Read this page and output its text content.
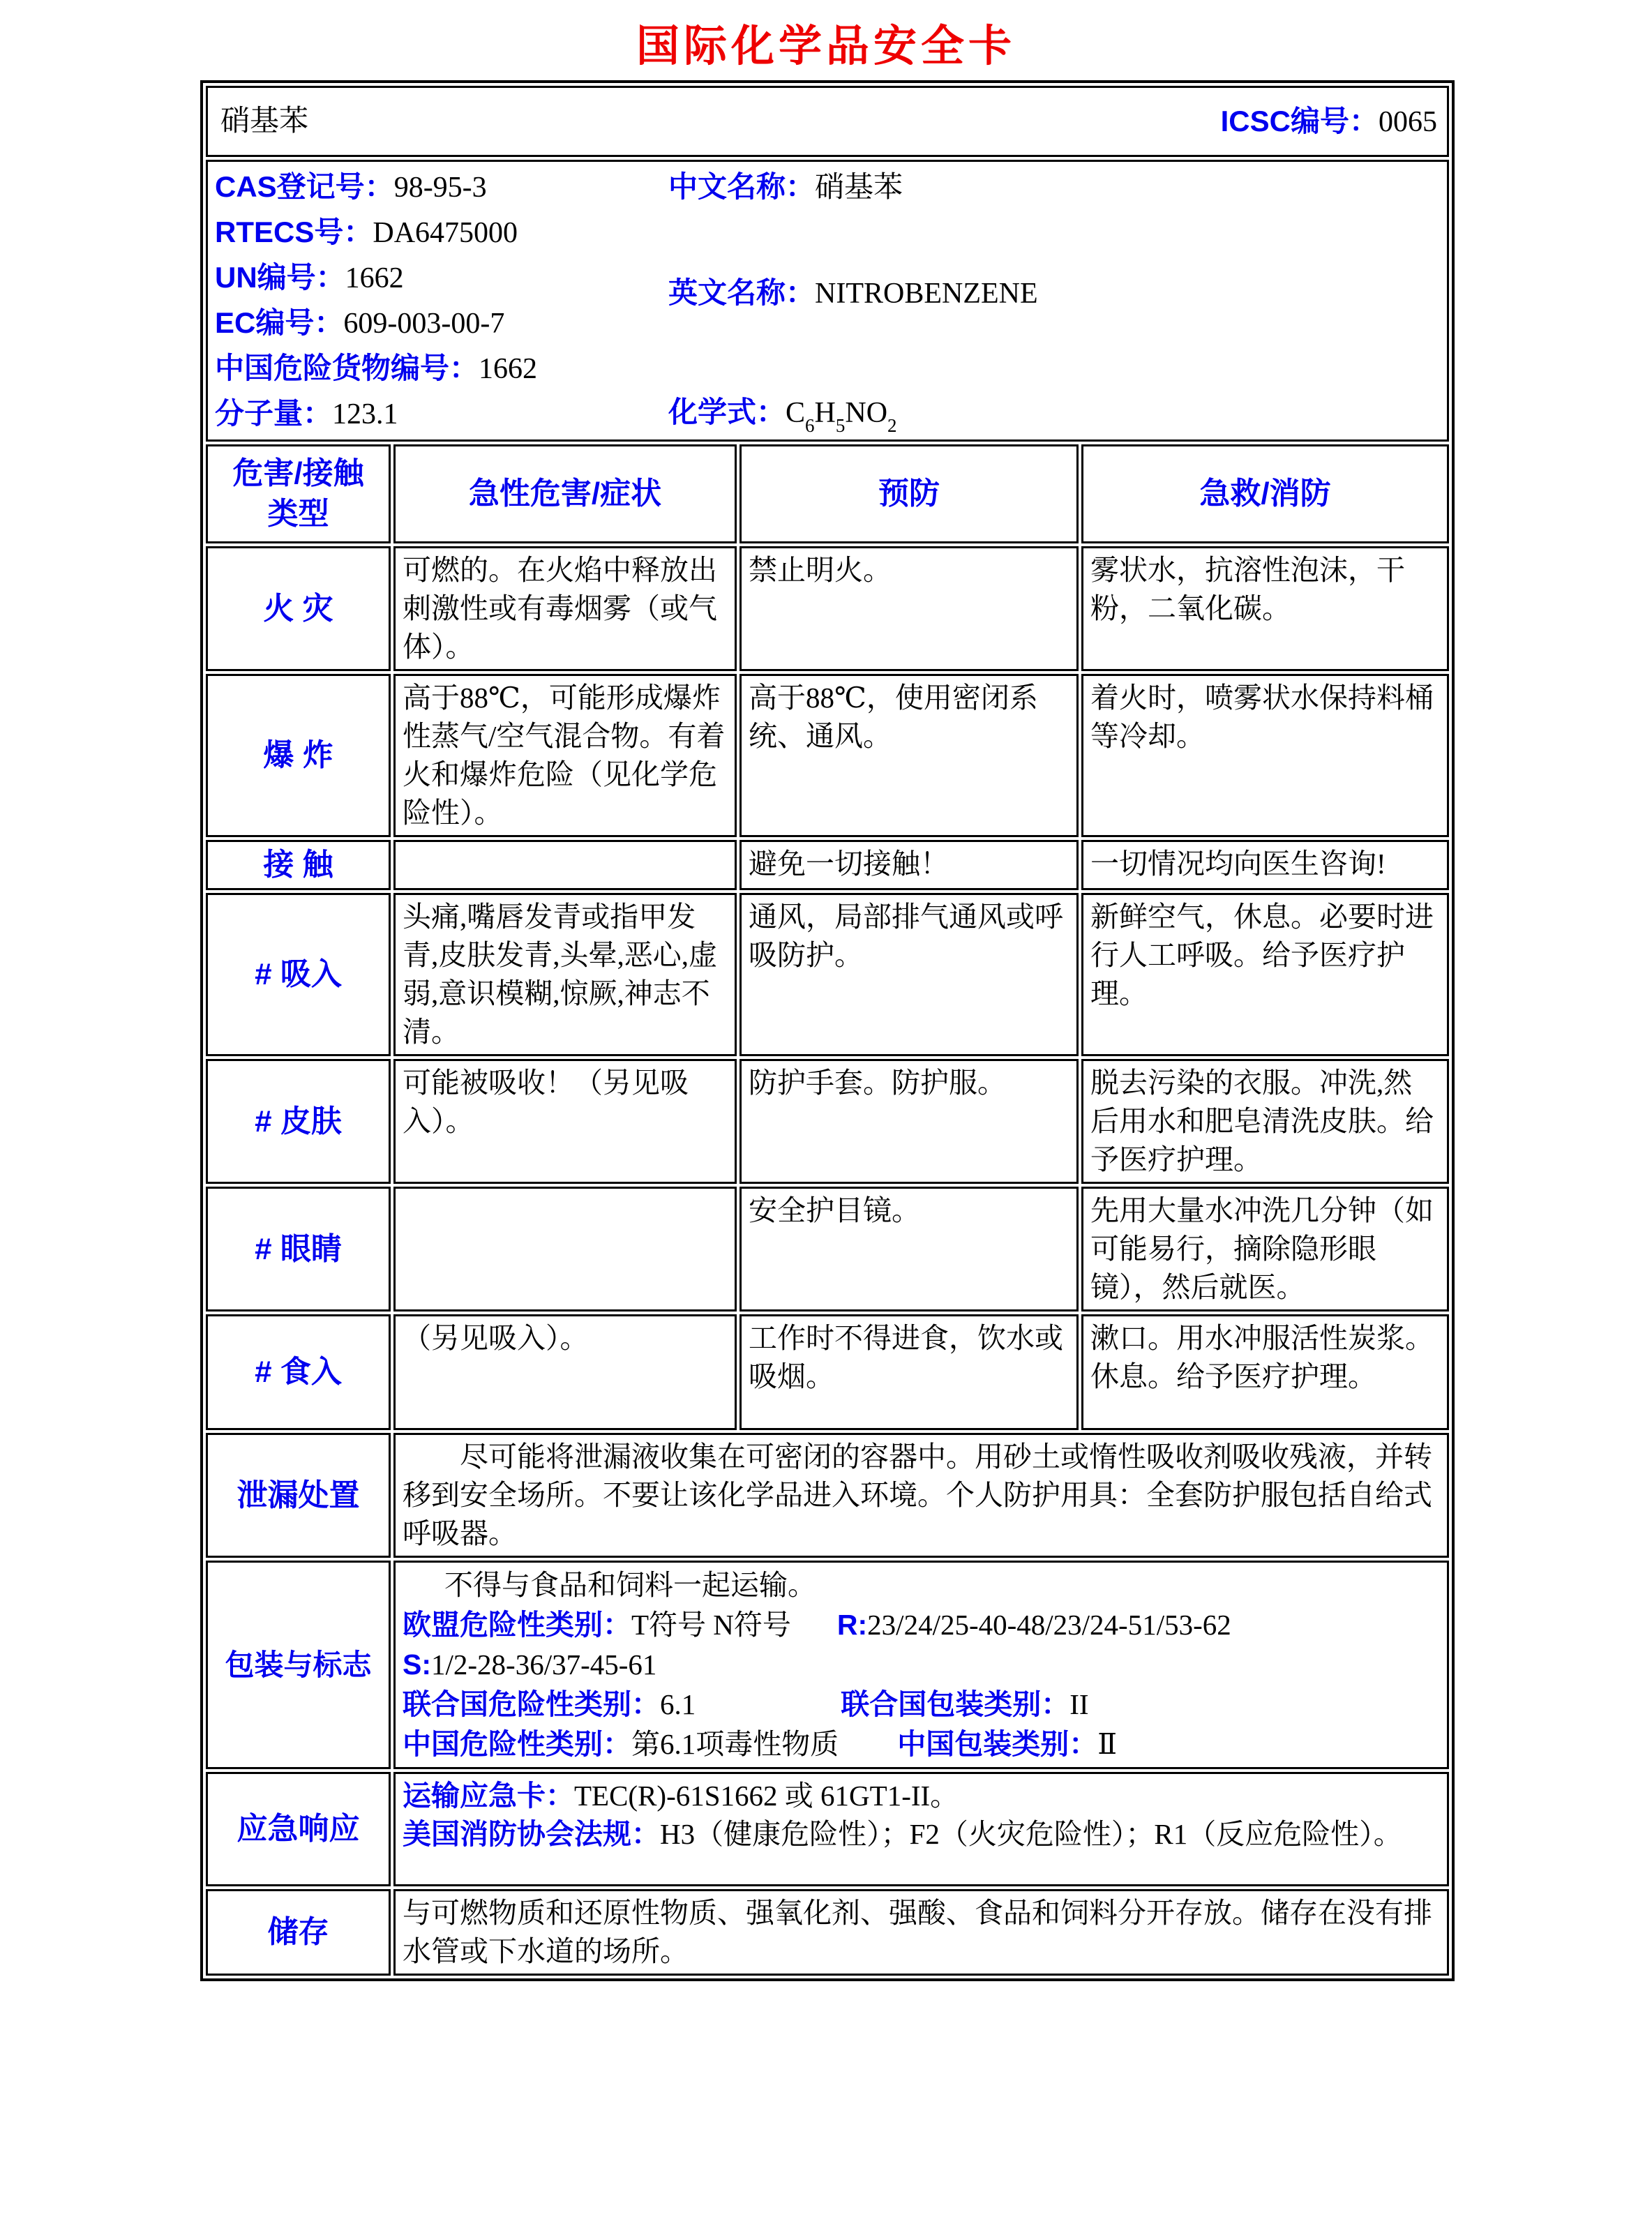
国际化学品安全卡
硝基苯 ICSC编号：0065			

CAS登记号：98-95-3
RTECS号：DA6475000
UN编号：1662
EC编号：609-003-00-7
中国危险货物编号：1662
分子量：123.1
中文名称：硝基苯
英文名称：NITROBENZENE
化学式：$C_6H_5NO_2$

危害/接触
类型	急性危害/症状	预防	急救/消防
火 灾	可燃的。在火焰中释放出刺激性或有毒烟雾（或气体）。	禁止明火。	雾状水，抗溶性泡沫，干粉，二氧化碳。
爆 炸	高于88℃，可能形成爆炸性蒸气/空气混合物。有着火和爆炸危险（见化学危险性）。	高于88℃，使用密闭系统、通风。	着火时，喷雾状水保持料桶等冷却。
接 触		避免一切接触！	一切情况均向医生咨询!
# 吸入	头痛,嘴唇发青或指甲发青,皮肤发青,头晕,恶心,虚弱,意识模糊,惊厥,神志不清。	通风，局部排气通风或呼吸防护。	新鲜空气，休息。必要时进行人工呼吸。给予医疗护理。
# 皮肤	可能被吸收！（另见吸入）。	防护手套。防护服。	脱去污染的衣服。冲洗,然后用水和肥皂清洗皮肤。给予医疗护理。
# 眼睛		安全护目镜。	先用大量水冲洗几分钟（如可能易行，摘除隐形眼镜），然后就医。
# 食入	（另见吸入）。	工作时不得进食，饮水或吸烟。	漱口。用水冲服活性炭浆。休息。给予医疗护理。
泄漏处置	尽可能将泄漏液收集在可密闭的容器中。用砂土或惰性吸收剂吸收残液，并转移到安全场所。不要让该化学品进入环境。个人防护用具：全套防护服包括自给式呼吸器。		

包装与标志	不得与食品和饲料一起运输。

欧盟危险性类别：T符号 N符号 R:23/24/25-40-48/23/24-51/53-62
S:1/2-28-36/37-45-61
联合国危险性类别：6.1 联合国包装类别：II
中国危险性类别：第6.1项毒性物质 中国包装类别：Ⅱ		

应急响应	运输应急卡：TEC(R)-61S1662 或 61GT1-II。
美国消防协会法规：H3（健康危险性）；F2（火灾危险性）；R1（反应危险性）。		

储存	与可燃物质和还原性物质、强氧化剂、强酸、食品和饲料分开存放。储存在没有排水管或下水道的场所。		
